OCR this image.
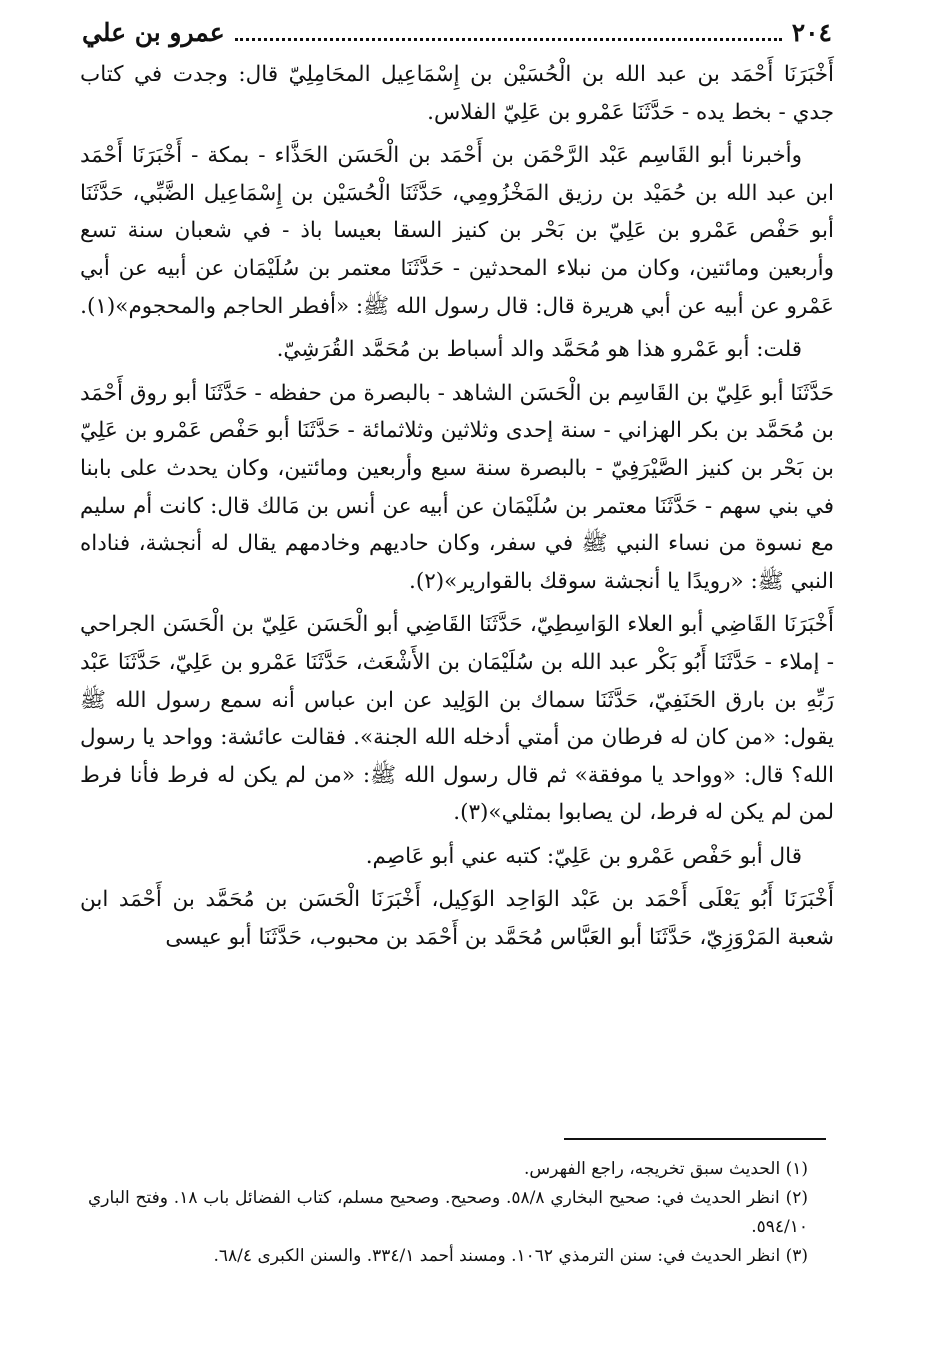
٢٠٤
عمرو بن علي

أَخْبَرَنَا أَحْمَد بن عبد الله بن الْحُسَيْن بن إِسْمَاعِيل المحَامِلِيّ قال: وجدت في كتاب جدي - بخط يده - حَدَّثَنَا عَمْرو بن عَلِيّ الفلاس.

وأخبرنا أبو القَاسِم عَبْد الرَّحْمَن بن أَحْمَد بن الْحَسَن الحَذَّاء - بمكة - أَخْبَرَنَا أَحْمَد ابن عبد الله بن حُمَيْد بن رزيق المَخْزُومِي، حَدَّثَنَا الْحُسَيْن بن إِسْمَاعِيل الضَّبِّي، حَدَّثَنَا أبو حَفْص عَمْرو بن عَلِيّ بن بَحْر بن كنيز السقا بعيسا باذ - في شعبان سنة تسع وأربعين ومائتين، وكان من نبلاء المحدثين - حَدَّثَنَا معتمر بن سُلَيْمَان عن أبيه عن أبي عَمْرو عن أبيه عن أبي هريرة قال: قال رسول الله ﷺ: «أفطر الحاجم والمحجوم»(١).

قلت: أبو عَمْرو هذا هو مُحَمَّد والد أسباط بن مُحَمَّد القُرَشِيّ.

حَدَّثَنَا أبو عَلِيّ بن القَاسِم بن الْحَسَن الشاهد - بالبصرة من حفظه - حَدَّثَنَا أبو روق أَحْمَد بن مُحَمَّد بن بكر الهزاني - سنة إحدى وثلاثين وثلاثمائة - حَدَّثَنَا أبو حَفْص عَمْرو بن عَلِيّ بن بَحْر بن كنيز الصَّيْرَفِيّ - بالبصرة سنة سبع وأربعين ومائتين، وكان يحدث على بابنا في بني سهم - حَدَّثَنَا معتمر بن سُلَيْمَان عن أبيه عن أنس بن مَالك قال: كانت أم سليم مع نسوة من نساء النبي ﷺ في سفر، وكان حاديهم وخادمهم يقال له أنجشة، فناداه النبي ﷺ: «رويدًا يا أنجشة سوقك بالقوارير»(٢).

أَخْبَرَنَا القَاضِي أبو العلاء الوَاسِطِيّ، حَدَّثَنَا القَاضِي أبو الْحَسَن عَلِيّ بن الْحَسَن الجراحي - إملاء - حَدَّثَنَا أَبُو بَكْر عبد الله بن سُلَيْمَان بن الأَشْعَث، حَدَّثَنَا عَمْرو بن عَلِيّ، حَدَّثَنَا عَبْد رَبِّهِ بن بارق الحَنَفِيّ، حَدَّثَنَا سماك بن الوَلِيد عن ابن عباس أنه سمع رسول الله ﷺ يقول: «من كان له فرطان من أمتي أدخله الله الجنة». فقالت عائشة: وواحد يا رسول الله؟ قال: «وواحد يا موفقة» ثم قال رسول الله ﷺ: «من لم يكن له فرط فأنا فرط لمن لم يكن له فرط، لن يصابوا بمثلي»(٣).

قال أبو حَفْص عَمْرو بن عَلِيّ: كتبه عني أبو عَاصِم.

أَخْبَرَنَا أَبُو يَعْلَى أَحْمَد بن عَبْد الوَاحِد الوَكِيل، أَخْبَرَنَا الْحَسَن بن مُحَمَّد بن أَحْمَد ابن شعبة المَرْوَزِيّ، حَدَّثَنَا أبو العَبَّاس مُحَمَّد بن أَحْمَد بن محبوب، حَدَّثَنَا أبو عيسى

(١) الحديث سبق تخريجه، راجع الفهرس.

(٢) انظر الحديث في: صحيح البخاري ٥٨/٨. وصحيح. وصحيح مسلم، كتاب الفضائل باب ١٨. وفتح الباري ٥٩٤/١٠.

(٣) انظر الحديث في: سنن الترمذي ١٠٦٢. ومسند أحمد ٣٣٤/١. والسنن الكبرى ٦٨/٤.
